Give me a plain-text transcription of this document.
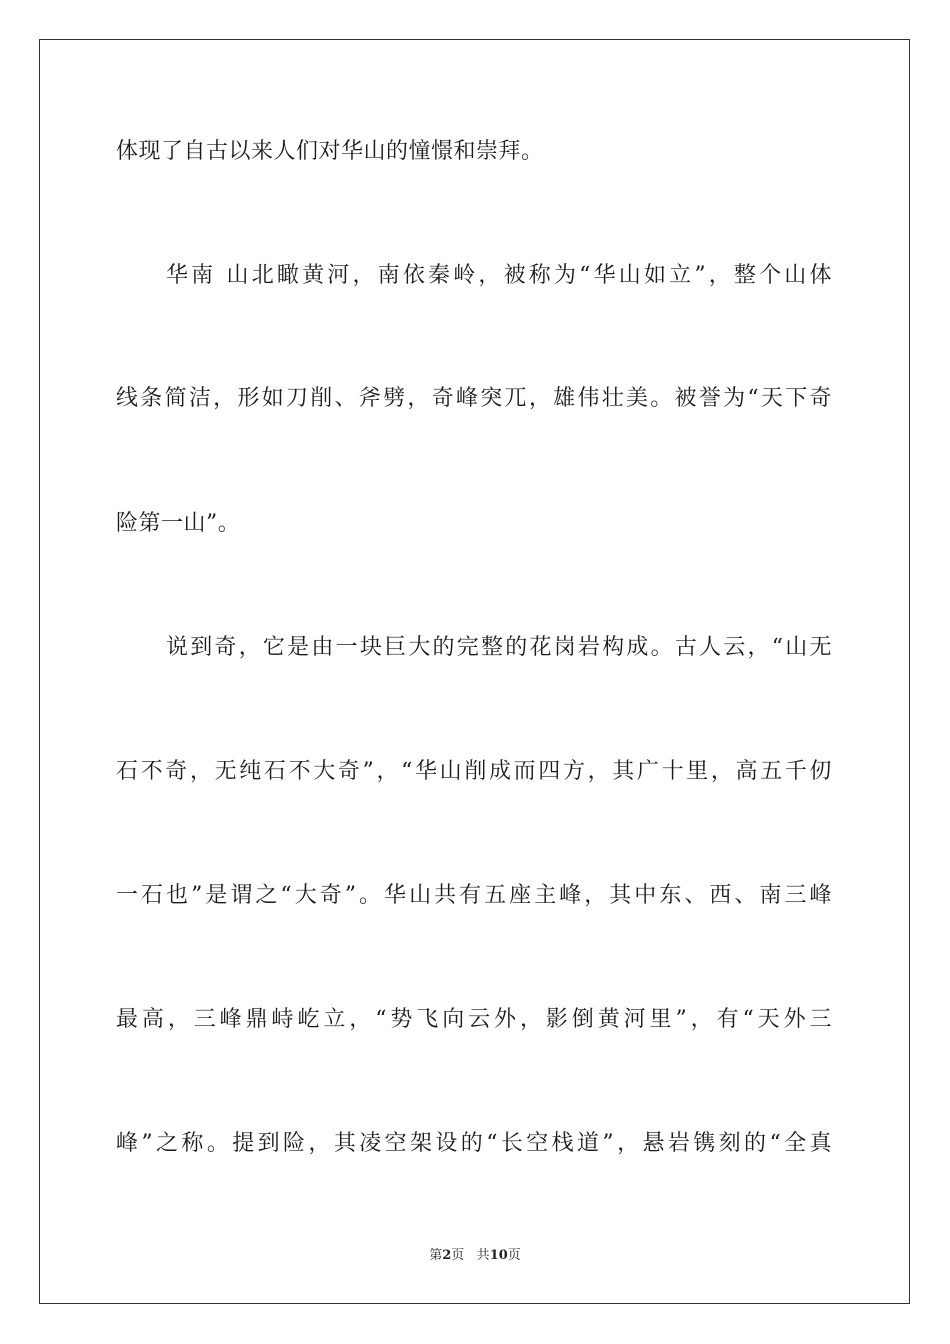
体现了自古以来人们对华山的憧憬和崇拜。
华南 山北瞰黄河，南依秦岭，被称为“华山如立”，整个山体
线条简洁，形如刀削、斧劈，奇峰突兀，雄伟壮美。被誉为“天下奇
险第一山”。
说到奇，它是由一块巨大的完整的花岗岩构成。古人云，“山无
石不奇，无纯石不大奇”，“华山削成而四方，其广十里，高五千仞
一石也”是谓之“大奇”。华山共有五座主峰，其中东、西、南三峰
最高，三峰鼎峙屹立，“势飞向云外，影倒黄河里”，有“天外三
峰”之称。提到险，其凌空架设的“长空栈道”，悬岩镌刻的“全真
第2页 共10页
